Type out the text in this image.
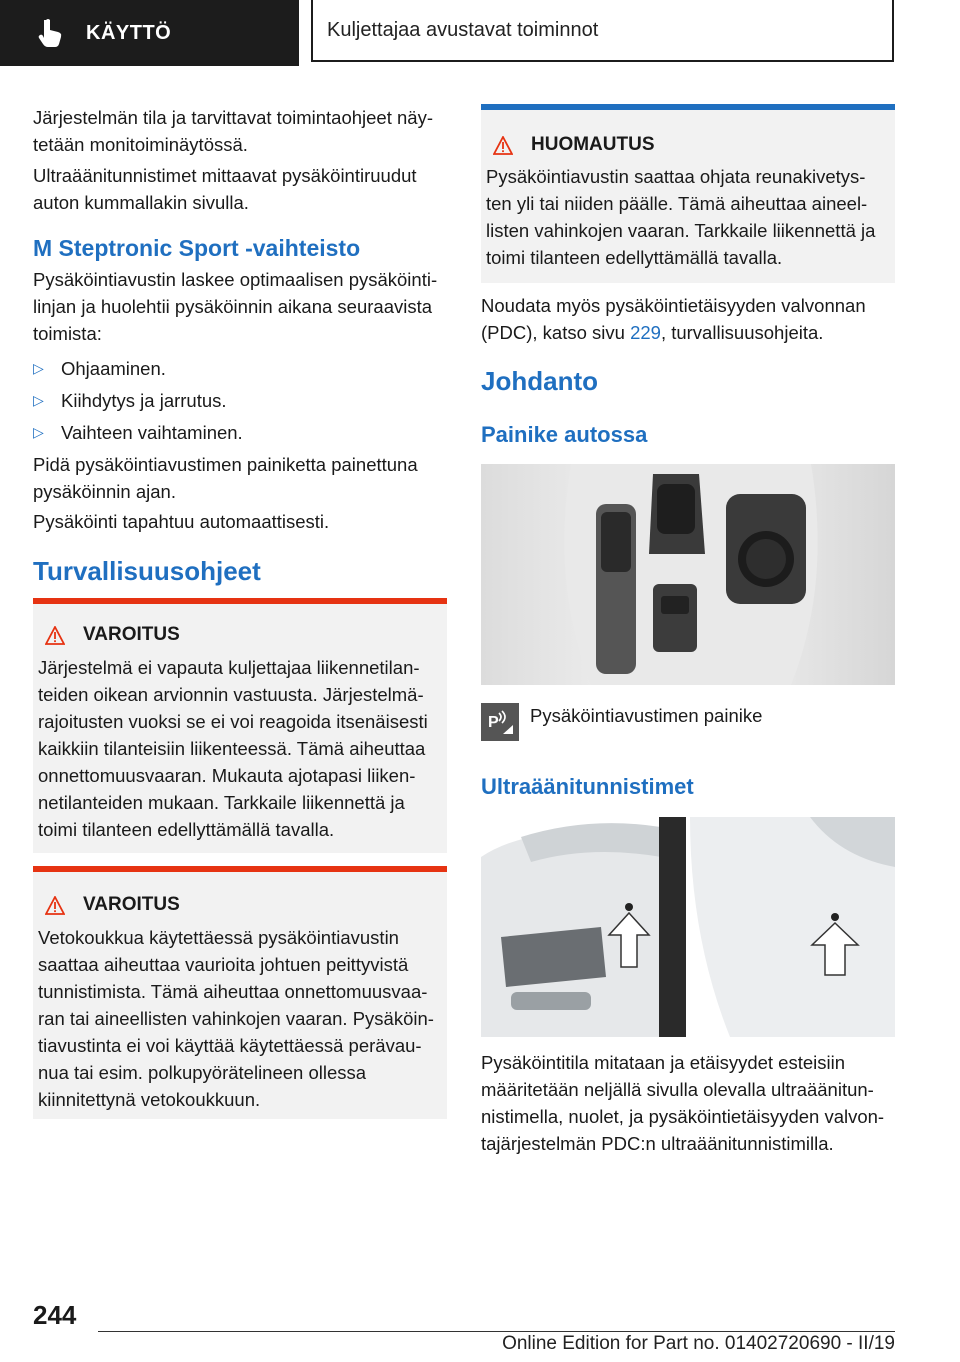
KÄYTTÖ	Kuljettajaa avustavat toiminnot

Järjestelmän tila ja tarvittavat toimintaohjeet näy-
tetään monitoiminäytössä.

Ultraäänitunnistimet mittaavat pysäköintiruudut
auton kummallakin sivulla.

M Steptronic Sport -vaihteisto

Pysäköintiavustin laskee optimaalisen pysäköinti-
linjan ja huolehtii pysäköinnin aikana seuraavista
toimista:

▷ Ohjaaminen.

▷ Kiihdytys ja jarrutus.

▷ Vaihteen vaihtaminen.

Pidä pysäköintiavustimen painiketta painettuna
pysäköinnin ajan.

Pysäköinti tapahtuu automaattisesti.

Turvallisuusohjeet
VAROITUS

Järjestelmä ei vapauta kuljettajaa liikennetilan-
teiden oikean arvionnin vastuusta. Järjestelmä-
rajoitusten vuoksi se ei voi reagoida itsenäisesti
kaikkiin tilanteisiin liikenteessä. Tämä aiheuttaa
onnettomuusvaaran. Mukauta ajotapasi liiken-
netilanteiden mukaan. Tarkkaile liikennettä ja
toimi tilanteen edellyttämällä tavalla.

VAROITUS

Vetokoukkua käytettäessä pysäköintiavustin
saattaa aiheuttaa vaurioita johtuen peittyvistä
tunnistimista. Tämä aiheuttaa onnettomuusvaa-
ran tai aineellisten vahinkojen vaaran. Pysäköin-
tiavustinta ei voi käyttää käytettäessä perävau-
nua tai esim. polkupyörätelineen ollessa
kiinnitettynä vetokoukkuun.

HUOMAUTUS

Pysäköintiavustin saattaa ohjata reunakivetys-
ten yli tai niiden päälle. Tämä aiheuttaa aineel-
listen vahinkojen vaaran. Tarkkaile liikennettä ja
toimi tilanteen edellyttämällä tavalla.

Noudata myös pysäköintietäisyyden valvonnan
(PDC), katso sivu 229, turvallisuusohjeita.

Johdanto
Painike autossa
P Pysäköintiavustimen painike

Ultraäänitunnistimet

Pysäköintitila mitataan ja etäisyydet esteisiin
määritetään neljällä sivulla olevalla ultraäänitun-
nistimella, nuolet, ja pysäköintietäisyyden valvon-
tajärjestelmän PDC:n ultraäänitunnistimilla.

244
Online Edition for Part no. 01402720690 - II/19
